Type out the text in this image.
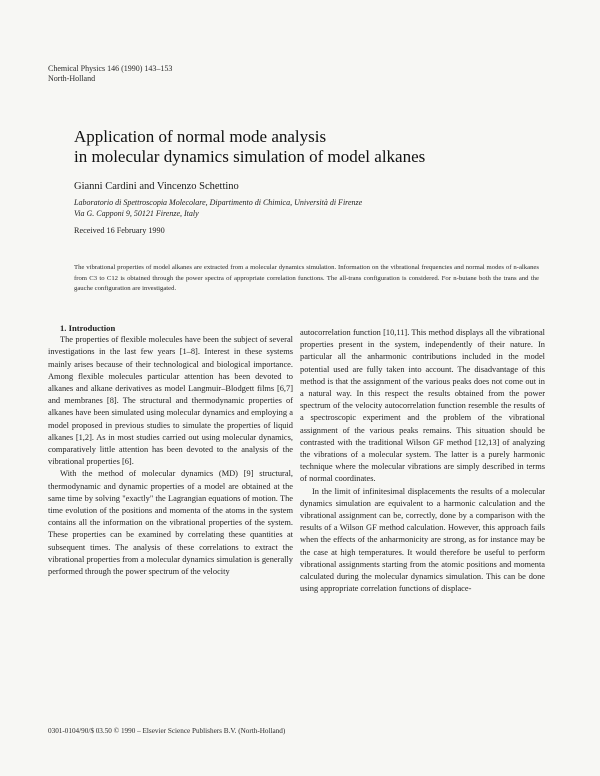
Chemical Physics 146 (1990) 143–153
North-Holland
Application of normal mode analysis
in molecular dynamics simulation of model alkanes
Gianni Cardini and Vincenzo Schettino
Laboratorio di Spettroscopia Molecolare, Dipartimento di Chimica, Università di Firenze
Via G. Capponi 9, 50121 Firenze, Italy
Received 16 February 1990
The vibrational properties of model alkanes are extracted from a molecular dynamics simulation. Information on the vibrational frequencies and normal modes of n-alkanes from C3 to C12 is obtained through the power spectra of appropriate correlation functions. The all-trans configuration is considered. For n-butane both the trans and the gauche configuration are investigated.

1. Introduction

The properties of flexible molecules have been the subject of several investigations in the last few years [1–8]. Interest in these systems mainly arises because of their technological and biological importance. Among flexible molecules particular attention has been devoted to alkanes and alkane derivatives as model Langmuir–Blodgett films [6,7] and membranes [8]. The structural and thermodynamic properties of alkanes have been simulated using molecular dynamics and employing a model proposed in previous studies to simulate the properties of liquid alkanes [1,2]. As in most studies carried out using molecular dynamics, comparatively little attention has been devoted to the analysis of the vibrational properties [6].

With the method of molecular dynamics (MD) [9] structural, thermodynamic and dynamic properties of a model are obtained at the same time by solving "exactly" the Lagrangian equations of motion. The time evolution of the positions and momenta of the atoms in the system contains all the information on the vibrational properties of the system. These properties can be examined by correlating these quantities at subsequent times. The analysis of these correlations to extract the vibrational properties from a molecular dynamics simulation is generally performed through the power spectrum of the velocity

autocorrelation function [10,11]. This method displays all the vibrational properties present in the system, independently of their nature. In particular all the anharmonic contributions included in the model potential used are fully taken into account. The disadvantage of this method is that the assignment of the various peaks does not come out in a natural way. In this respect the results obtained from the power spectrum of the velocity autocorrelation function resemble the results of a spectroscopic experiment and the problem of the vibrational assignment of the various peaks remains. This situation should be contrasted with the traditional Wilson GF method [12,13] of analyzing the vibrations of a molecular system. The latter is a purely harmonic technique where the molecular vibrations are simply described in terms of normal coordinates.

In the limit of infinitesimal displacements the results of a molecular dynamics simulation are equivalent to a harmonic calculation and the vibrational assignment can be, correctly, done by a comparison with the results of a Wilson GF method calculation. However, this approach fails when the effects of the anharmonicity are strong, as for instance may be the case at high temperatures. It would therefore be useful to perform vibrational assignments starting from the atomic positions and momenta calculated during the molecular dynamics simulation. This can be done using appropriate correlation functions of displace-

0301-0104/90/$ 03.50 © 1990 – Elsevier Science Publishers B.V. (North-Holland)
